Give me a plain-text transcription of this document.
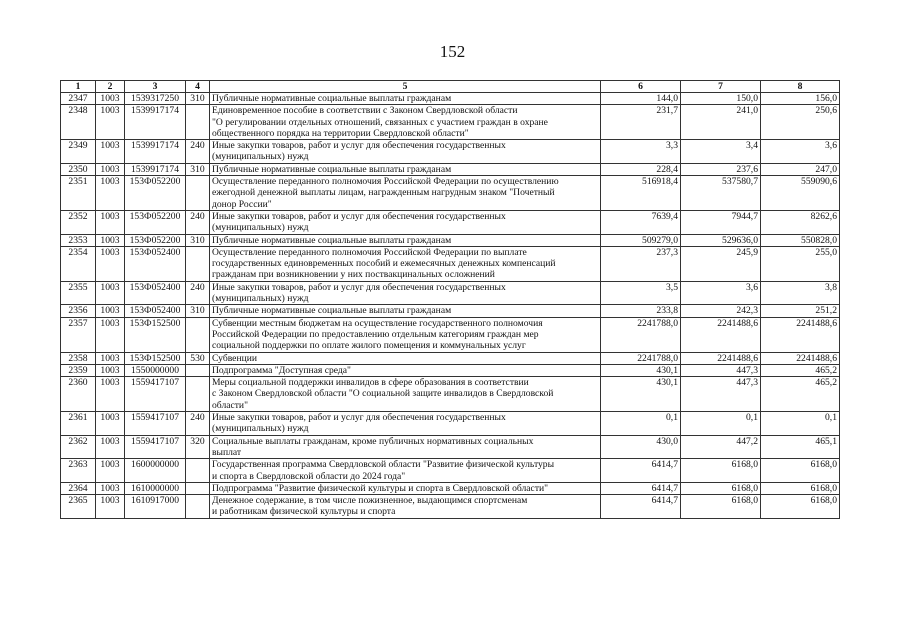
152
1	2	3	4	5	6	7	8
2347	1003	1539317250	310	Публичные нормативные социальные выплаты гражданам	144,0	150,0	156,0
2348	1003	1539917174		Единовременное пособие в соответствии с Законом Свердловской области
"О регулировании отдельных отношений, связанных с участием граждан в охране
общественного порядка на территории Свердловской области"	231,7	241,0	250,6
2349	1003	1539917174	240	Иные закупки товаров, работ и услуг для обеспечения государственных
(муниципальных) нужд	3,3	3,4	3,6
2350	1003	1539917174	310	Публичные нормативные социальные выплаты гражданам	228,4	237,6	247,0
2351	1003	153Ф052200		Осуществление переданного полномочия Российской Федерации по осуществлению
ежегодной денежной выплаты лицам, награжденным нагрудным знаком "Почетный
донор России"	516918,4	537580,7	559090,6
2352	1003	153Ф052200	240	Иные закупки товаров, работ и услуг для обеспечения государственных
(муниципальных) нужд	7639,4	7944,7	8262,6
2353	1003	153Ф052200	310	Публичные нормативные социальные выплаты гражданам	509279,0	529636,0	550828,0
2354	1003	153Ф052400		Осуществление переданного полномочия Российской Федерации по выплате
государственных единовременных пособий и ежемесячных денежных компенсаций
гражданам при возникновении у них поствакцинальных осложнений	237,3	245,9	255,0
2355	1003	153Ф052400	240	Иные закупки товаров, работ и услуг для обеспечения государственных
(муниципальных) нужд	3,5	3,6	3,8
2356	1003	153Ф052400	310	Публичные нормативные социальные выплаты гражданам	233,8	242,3	251,2
2357	1003	153Ф152500		Субвенции местным бюджетам на осуществление государственного полномочия
Российской Федерации по предоставлению отдельным категориям граждан мер
социальной поддержки по оплате жилого помещения и коммунальных услуг	2241788,0	2241488,6	2241488,6
2358	1003	153Ф152500	530	Субвенции	2241788,0	2241488,6	2241488,6
2359	1003	1550000000		Подпрограмма "Доступная среда"	430,1	447,3	465,2
2360	1003	1559417107		Меры социальной поддержки инвалидов в сфере образования в соответствии
с Законом Свердловской области "О социальной защите инвалидов в Свердловской
области"	430,1	447,3	465,2
2361	1003	1559417107	240	Иные закупки товаров, работ и услуг для обеспечения государственных
(муниципальных) нужд	0,1	0,1	0,1
2362	1003	1559417107	320	Социальные выплаты гражданам, кроме публичных нормативных социальных
выплат	430,0	447,2	465,1
2363	1003	1600000000		Государственная программа Свердловской области "Развитие физической культуры
и спорта в Свердловской области до 2024 года"	6414,7	6168,0	6168,0
2364	1003	1610000000		Подпрограмма "Развитие физической культуры и спорта в Свердловской области"	6414,7	6168,0	6168,0
2365	1003	1610917000		Денежное содержание, в том числе пожизненное, выдающимся спортсменам
и работникам физической культуры и спорта	6414,7	6168,0	6168,0
